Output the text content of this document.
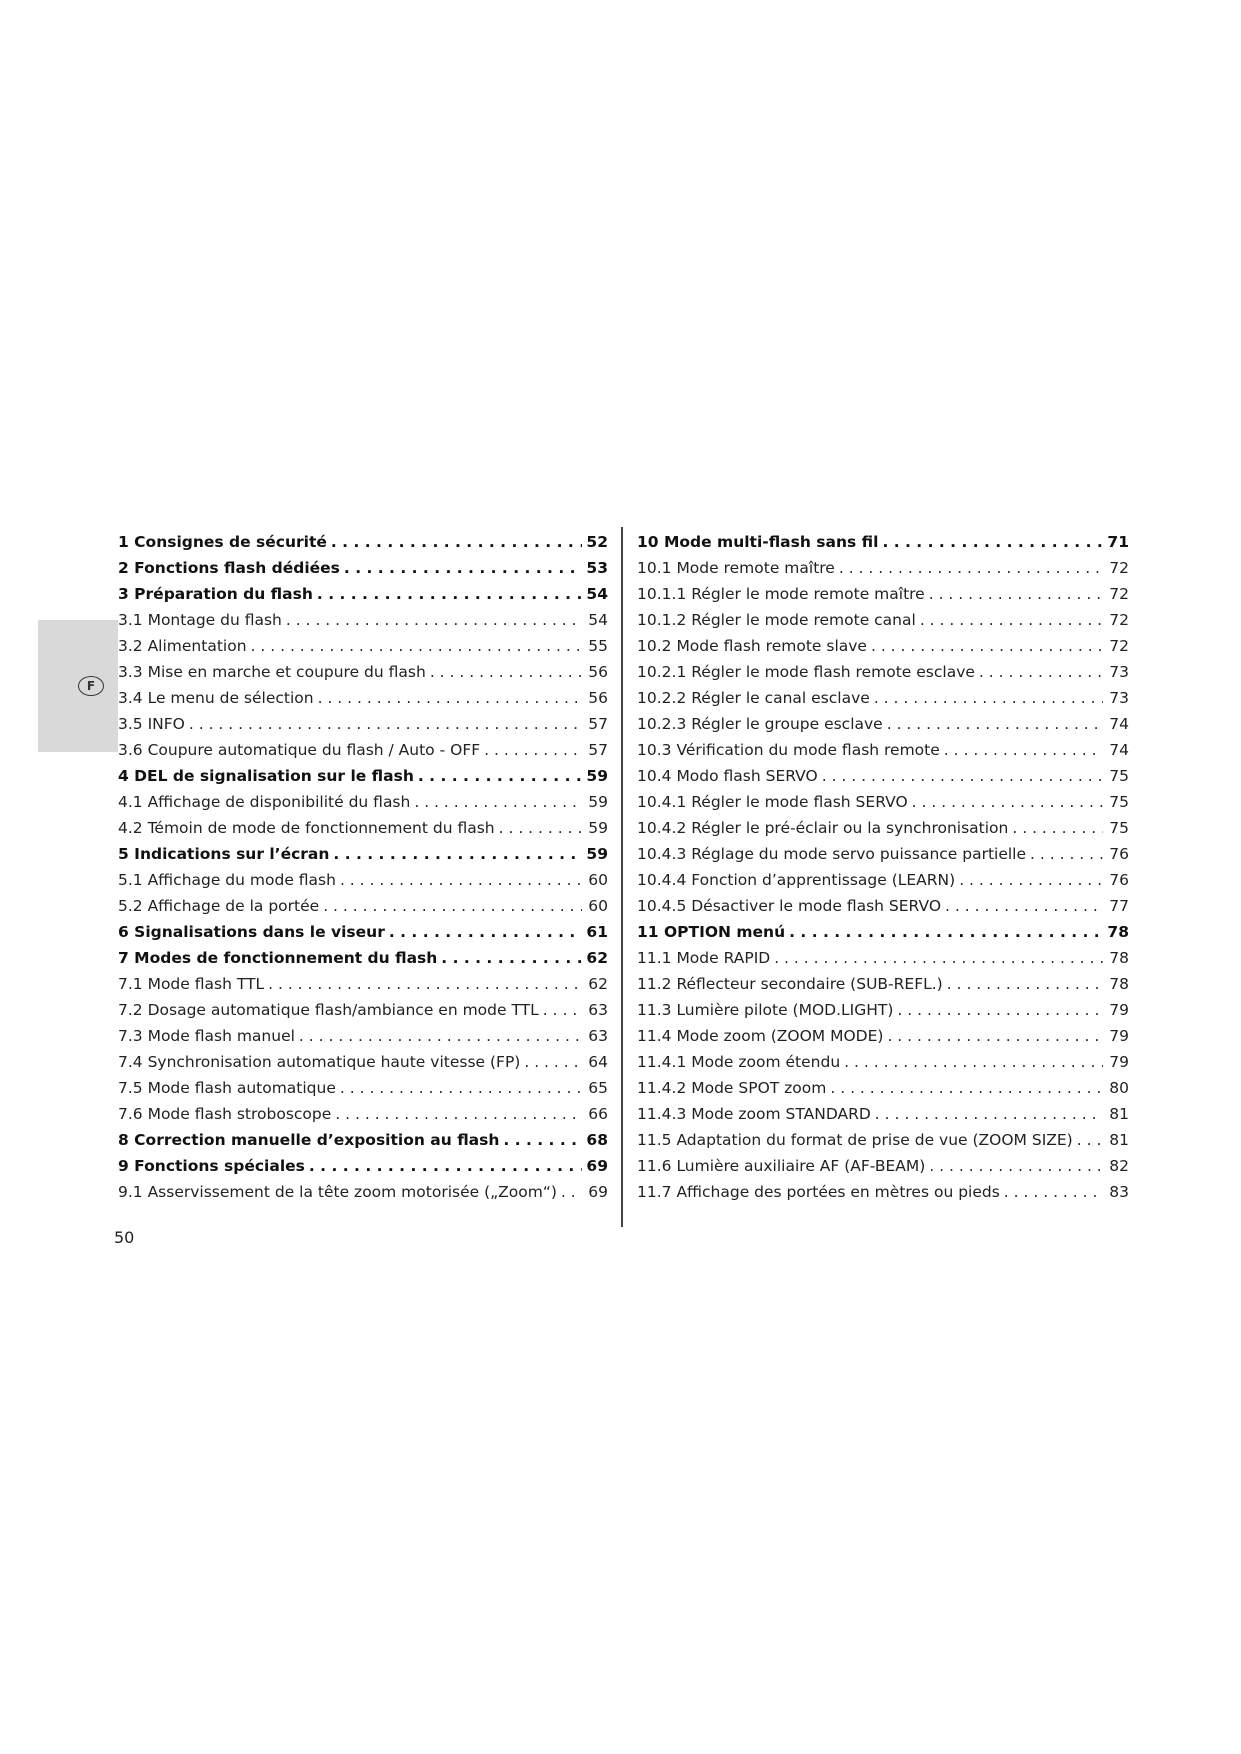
F
1 Consignes de sécurité . . .	52
2 Fonctions flash dédiées . . .	53
3 Préparation du flash . . .	54
3.1 Montage du flash . . .	54
3.2 Alimentation . . .	55
3.3 Mise en marche et coupure du flash . . .	56
3.4 Le menu de sélection . . .	56
3.5 INFO . . .	57
3.6 Coupure automatique du flash / Auto - OFF . . .	57
4 DEL de signalisation sur le flash . . .	59
4.1 Affichage de disponibilité du flash . . .	59
4.2 Témoin de mode de fonctionnement du flash . . .	59
5 Indications sur l’écran . . .	59
5.1 Affichage du mode flash . . .	60
5.2 Affichage de la portée . . .	60
6 Signalisations dans le viseur . . .	61
7 Modes de fonctionnement du flash . . .	62
7.1 Mode flash TTL . . .	62
7.2 Dosage automatique flash/ambiance en mode TTL . . .	63
7.3 Mode flash manuel . . .	63
7.4 Synchronisation automatique haute vitesse (FP) . . .	64
7.5 Mode flash automatique . . .	65
7.6 Mode flash stroboscope . . .	66
8 Correction manuelle d’exposition au flash . . .	68
9 Fonctions spéciales . . .	69
9.1 Asservissement de la tête zoom motorisée („Zoom“) . . . 69
10 Mode multi-flash sans fil . . .	71
10.1 Mode remote maître . . .	72
10.1.1 Régler le mode remote maître . . .	72
10.1.2 Régler le mode remote canal . . .	72
10.2 Mode flash remote slave . . .	72
10.2.1 Régler le mode flash remote esclave . . .	73
10.2.2 Régler le canal esclave . . .	73
10.2.3 Régler le groupe esclave . . .	74
10.3 Vérification du mode flash remote . . .	74
10.4 Modo flash SERVO . . .	75
10.4.1 Régler le mode flash SERVO . . .	75
10.4.2 Régler le pré-éclair ou la synchronisation . . .	75
10.4.3 Réglage du mode servo puissance partielle . . .	76
10.4.4 Fonction d’apprentissage (LEARN) . . .	76
10.4.5 Désactiver le mode flash SERVO . . .	77
11 OPTION menú . . .	78
11.1 Mode RAPID . . .	78
11.2 Réflecteur secondaire (SUB-REFL.) . . .	78
11.3 Lumière pilote (MOD.LIGHT) . . .	79
11.4 Mode zoom (ZOOM MODE) . . .	79
11.4.1 Mode zoom étendu . . .	79
11.4.2 Mode SPOT zoom . . .	80
11.4.3 Mode zoom STANDARD . . .	81
11.5 Adaptation du format de prise de vue (ZOOM SIZE) . . . 81
11.6 Lumière auxiliaire AF (AF-BEAM) . . .	82
11.7 Affichage des portées en mètres ou pieds . . .	83
50
